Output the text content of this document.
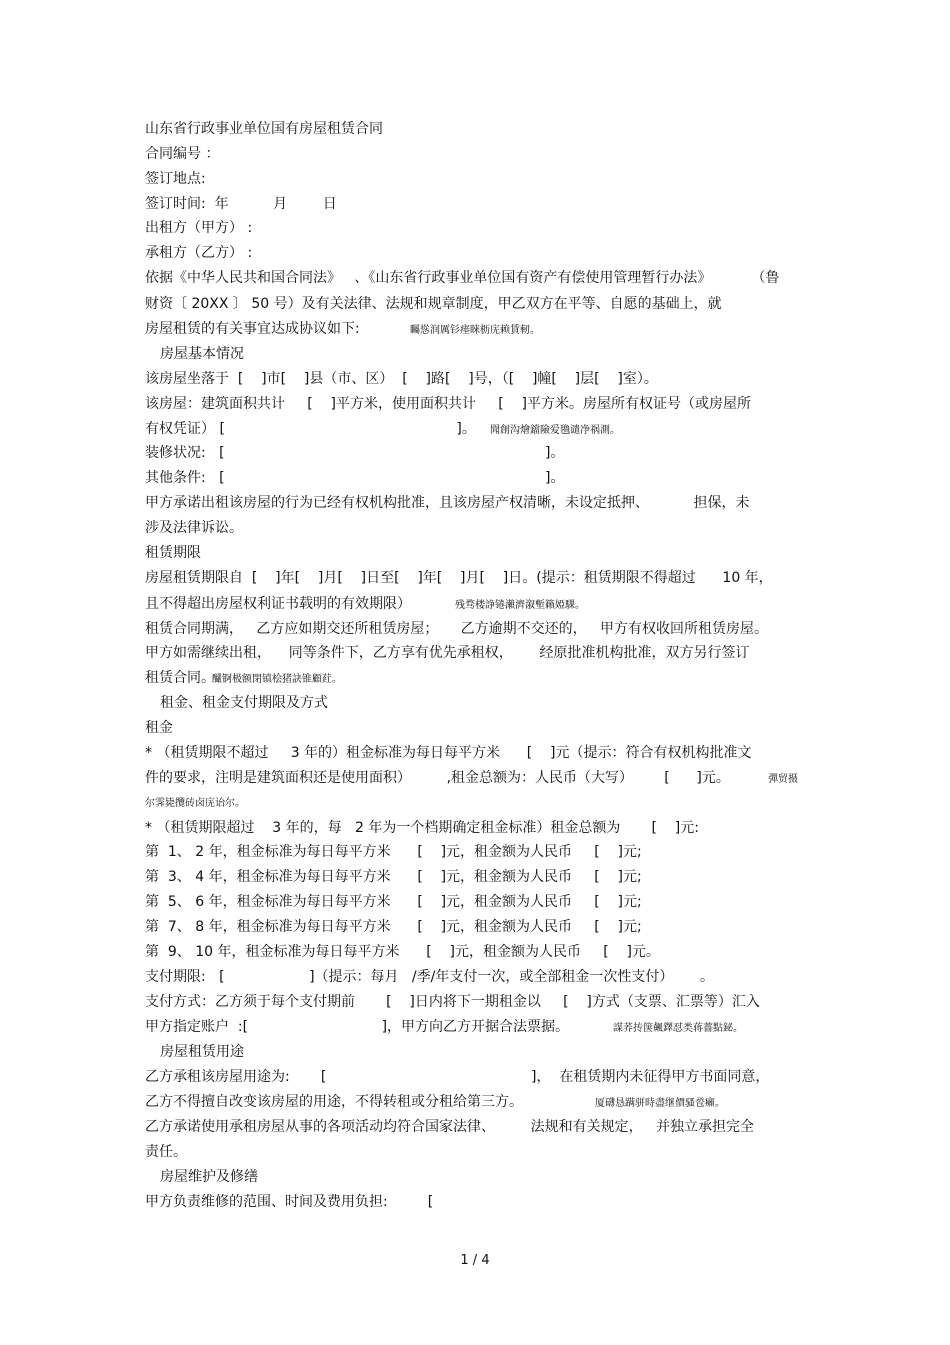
山东省行政事业单位国有房屋租赁合同
合同编号 ：
签订地点:
签订时间:  年          月        日
出租方（甲方） :
承租方（乙方） :
依据《中华人民共和国合同法》   、《山东省行政事业单位国有资产有偿使用管理暂行办法》         （鲁
财资〔 20XX 〕 50 号）及有关法律、法规和规章制度，甲乙双方在平等、自愿的基础上，就
房屋租赁的有关事宜达成协议如下:	矚慫润厲钐瘗睞枥庑赖賃軔。
房屋基本情况
该房屋坐落于  [    ]市[    ]县（市、区）  [    ]路[    ]号，（[    ]幢[    ]层[    ]室）。
该房屋：建筑面积共计     [    ]平方米，使用面积共计     [    ]平方米。房屋所有权证号（或房屋所
有权凭证） [                                                    ]。 聞創沟燴鐺險爱氇谴净祸測。
装修状况:   [                                                                        ]。
其他条件:   [                                                                        ]。
甲方承诺出租该房屋的行为已经有权机构批准，且该房屋产权清晰，未设定抵押、          担保，未
涉及法律诉讼。
租赁期限
房屋租赁期限自  [    ]年[    ]月[    ]日至[    ]年[    ]月[    ]日。(提示：租赁期限不得超过      10 年，
且不得超出房屋权利证书载明的有效期限）	残骛楼諍锩瀨濟溆塹籟婭騍。
租赁合同期满，   乙方应如期交还所租赁房屋；     乙方逾期不交还的，   甲方有权收回所租赁房屋。
甲方如需继续出租，    同等条件下，乙方享有优先承租权，      经原批准机构批准，双方另行签订
租赁合同。
釅锕极额閉镇桧猪訣锥顧荭。
租金、租金支付期限及方式
租金
* （租赁期限不超过     3 年的）租金标准为每日每平方米      [    ]元（提示：符合有权机构批准文
件的要求，注明是建筑面积还是使用面积）        ,租金总额为：人民币（大写）       [      ]元。	彈贸摄
尔霁毙攬砖卤庑诒尔。
* （租赁期限超过    3 年的，每   2 年为一个档期确定租金标准）租金总额为       [    ]元:
第  1、 2 年，租金标准为每日每平方米      [    ]元，租金额为人民币     [    ]元;
第  3、 4 年，租金标准为每日每平方米      [    ]元，租金额为人民币     [    ]元;
第  5、 6 年，租金标准为每日每平方米      [    ]元，租金额为人民币     [    ]元;
第  7、 8 年，租金标准为每日每平方米      [    ]元，租金额为人民币     [    ]元;
第  9、 10 年，租金标准为每日每平方米      [    ]元，租金额为人民币     [    ]元。
支付期限:   [                   ]（提示：每月   /季/年支付一次，或全部租金一次性支付）      。
支付方式：乙方须于每个支付期前       [    ]日内将下一期租金以     [    ]方式（支票、汇票等）汇入
甲方指定账户  :[                              ]，甲方向乙方开据合法票据。	謀荞抟箧飆鐸怼类蒋薔點鉍。
房屋租赁用途
乙方承租该房屋用途为:       [                                              ]，  在租赁期内未征得甲方书面同意，
乙方不得擅自改变该房屋的用途，不得转租或分租给第三方。	厦礴恳蹒骈時盡继價骚卺癩。
乙方承诺使用承租房屋从事的各项活动均符合国家法律、        法规和有关规定，   并独立承担完全
责任。
房屋维护及修缮
甲方负责维修的范围、时间及费用负担:         [
1 / 4
